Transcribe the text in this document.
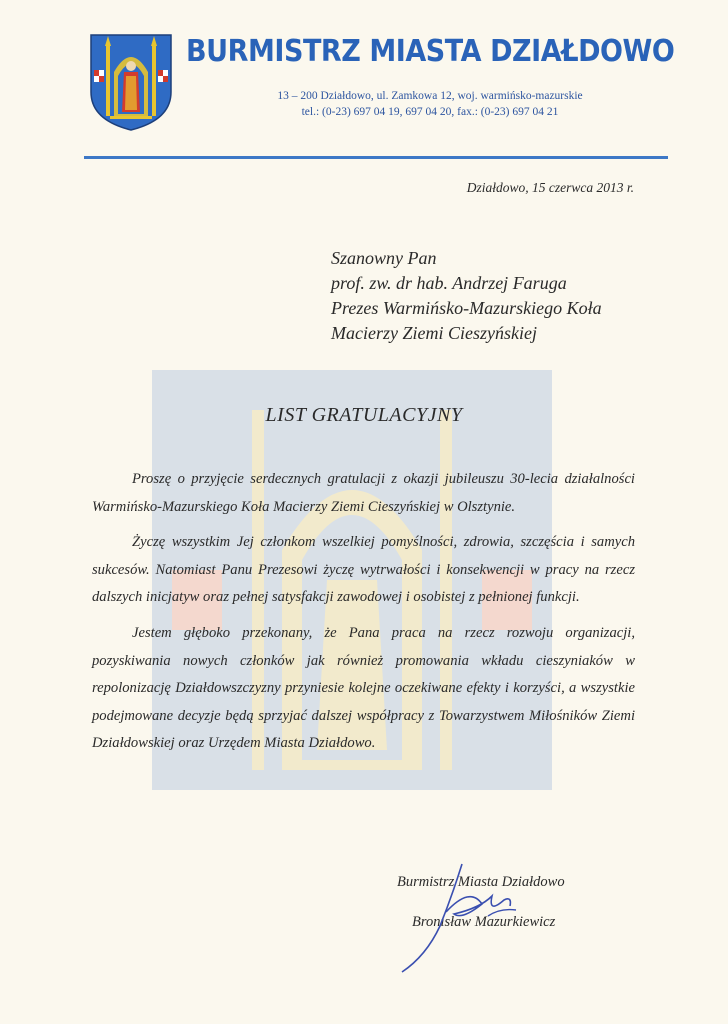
BURMISTRZ MIASTA DZIAŁDOWO
13 – 200 Działdowo, ul. Zamkowa 12, woj. warmińsko-mazurskie
tel.: (0-23) 697 04 19, 697 04 20, fax.: (0-23) 697 04 21
Działdowo, 15 czerwca 2013 r.
Szanowny Pan
prof. zw. dr hab. Andrzej Faruga
Prezes Warmińsko-Mazurskiego Koła
Macierzy Ziemi Cieszyńskiej
LIST GRATULACYJNY

Proszę o przyjęcie serdecznych gratulacji z okazji jubileuszu 30-lecia działalności Warmińsko-Mazurskiego Koła Macierzy Ziemi Cieszyńskiej w Olsztynie.

Życzę wszystkim Jej członkom wszelkiej pomyślności, zdrowia, szczęścia i samych sukcesów. Natomiast Panu Prezesowi życzę wytrwałości i konsekwencji w pracy na rzecz dalszych inicjatyw oraz pełnej satysfakcji zawodowej i osobistej z pełnionej funkcji.

Jestem głęboko przekonany, że Pana praca na rzecz rozwoju organizacji, pozyskiwania nowych członków jak również promowania wkładu cieszyniaków w repolonizację Działdowszczyzny przyniesie kolejne oczekiwane efekty i korzyści, a wszystkie podejmowane decyzje będą sprzyjać dalszej współpracy z Towarzystwem Miłośników Ziemi Działdowskiej oraz Urzędem Miasta Działdowo.

Burmistrz Miasta Działdowo
Bronisław Mazurkiewicz
